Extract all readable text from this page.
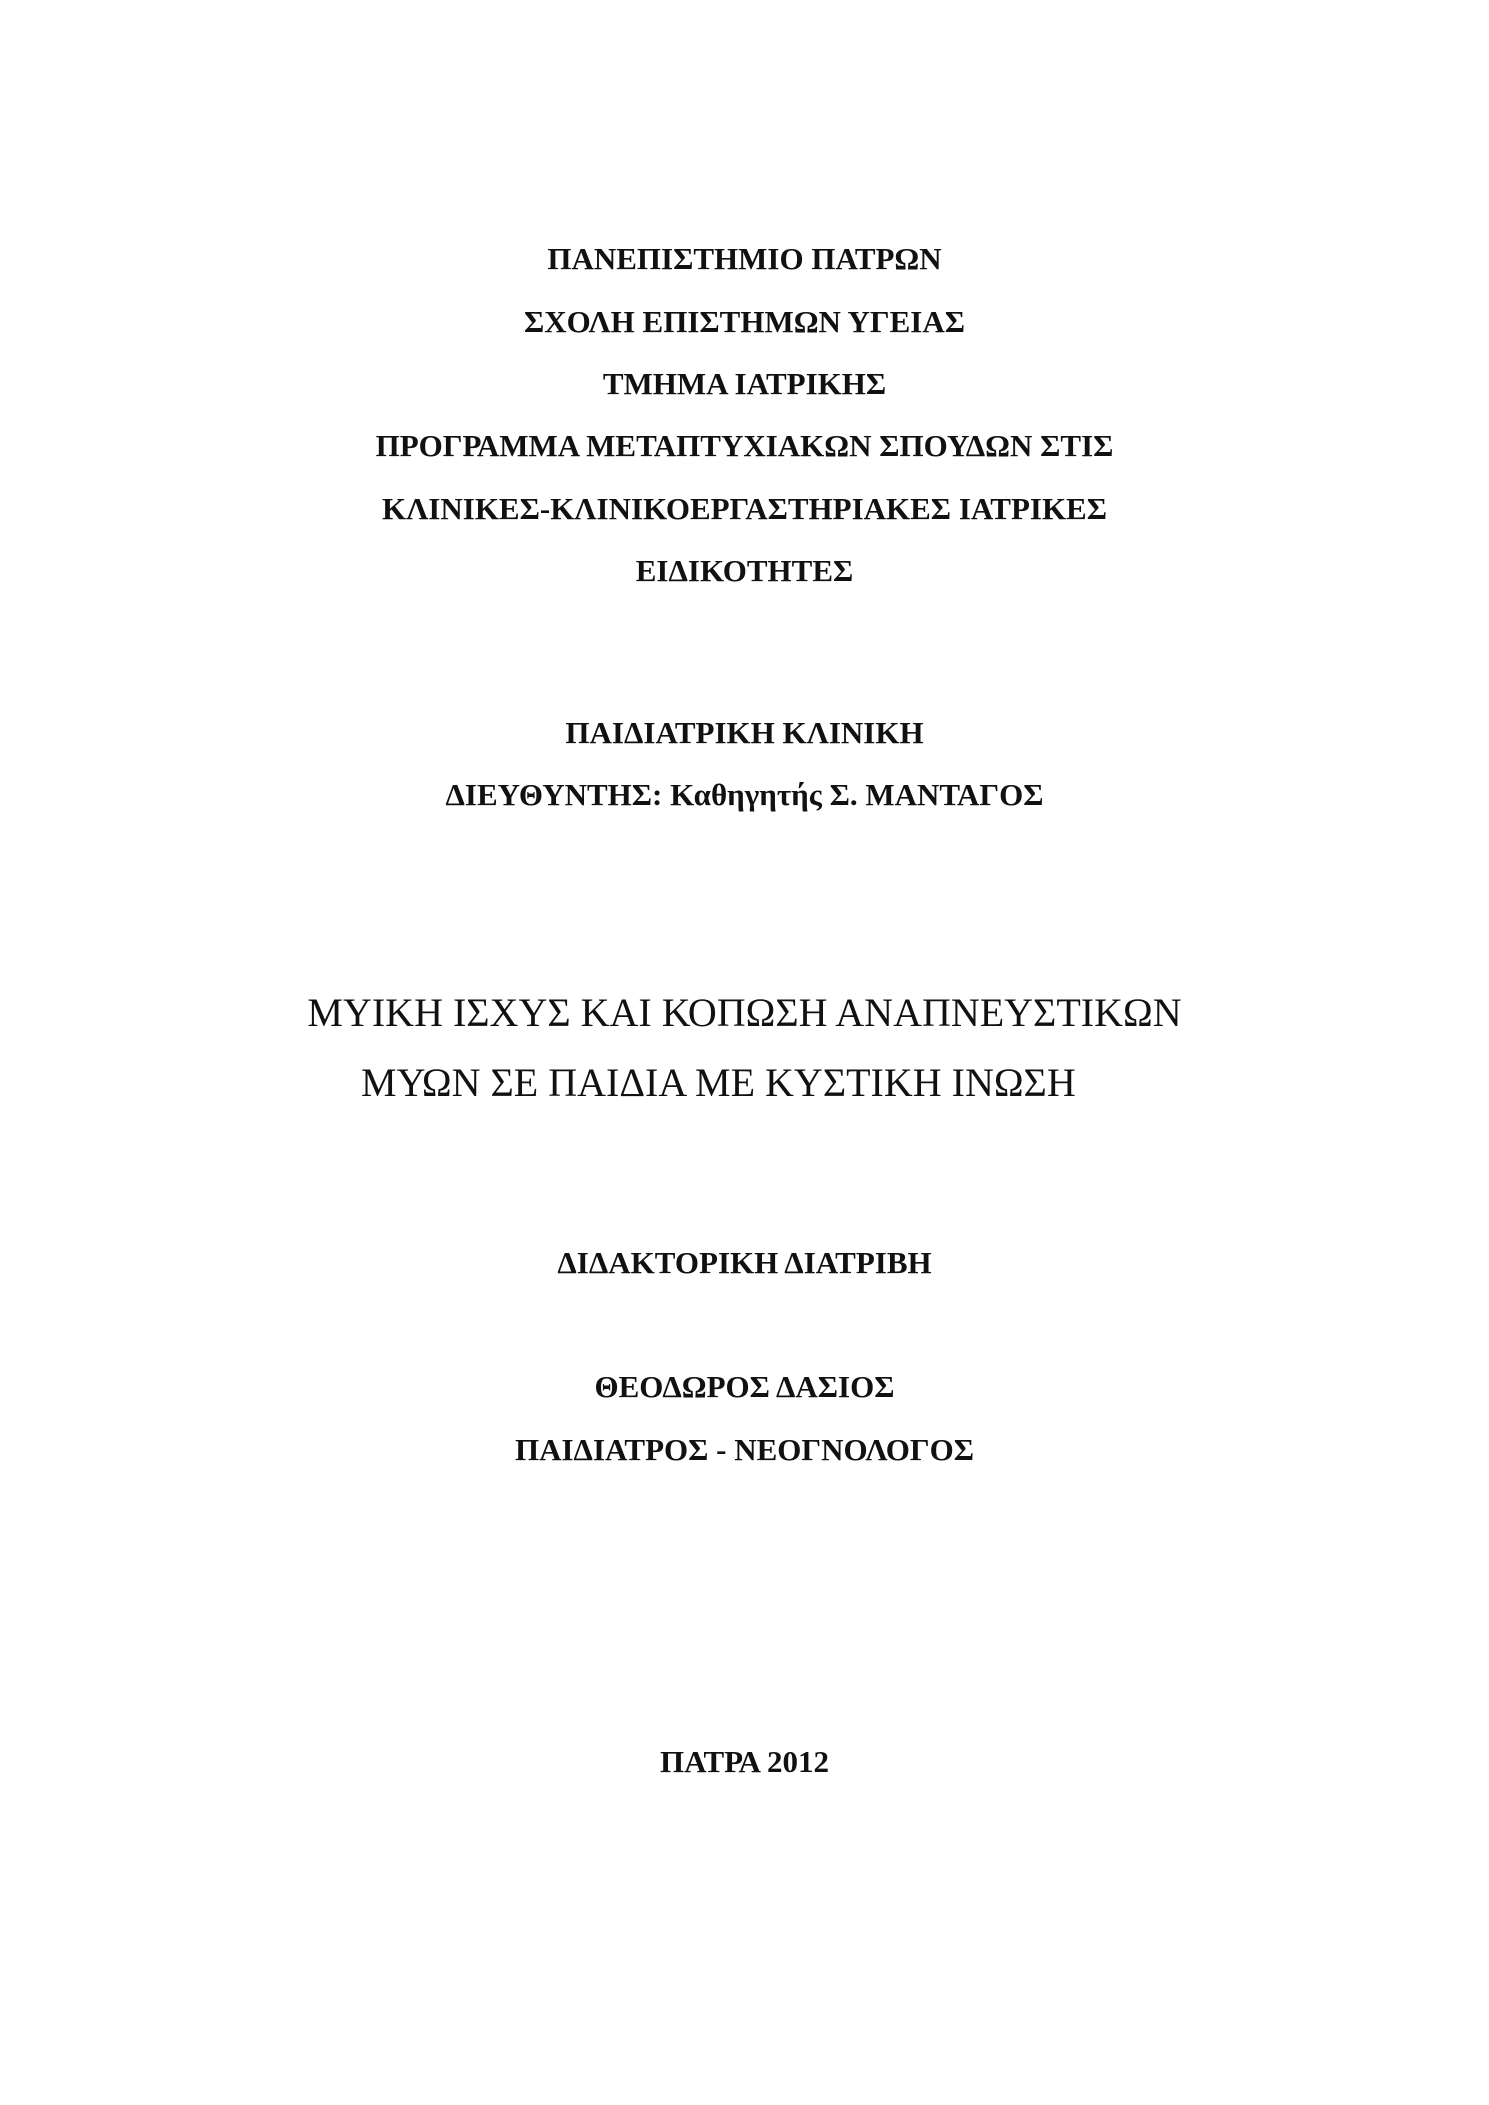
ΠΑΝΕΠΙΣΤΗΜΙΟ ΠΑΤΡΩΝ
ΣΧΟΛΗ ΕΠΙΣΤΗΜΩΝ ΥΓΕΙΑΣ
ΤΜΗΜΑ ΙΑΤΡΙΚΗΣ
ΠΡΟΓΡΑΜΜΑ ΜΕΤΑΠΤΥΧΙΑΚΩΝ ΣΠΟΥΔΩΝ ΣΤΙΣ
ΚΛΙΝΙΚΕΣ-ΚΛΙΝΙΚΟΕΡΓΑΣΤΗΡΙΑΚΕΣ ΙΑΤΡΙΚΕΣ
ΕΙΔΙΚΟΤΗΤΕΣ
ΠΑΙΔΙΑΤΡΙΚΗ ΚΛΙΝΙΚΗ
ΔΙΕΥΘΥΝΤΗΣ: Καθηγητής Σ. ΜΑΝΤΑΓΟΣ
ΜΥΙΚΗ ΙΣΧΥΣ ΚΑΙ ΚΟΠΩΣΗ ΑΝΑΠΝΕΥΣΤΙΚΩΝ
ΜΥΩΝ ΣΕ ΠΑΙΔΙΑ ΜΕ ΚΥΣΤΙΚΗ ΙΝΩΣΗ
ΔΙΔΑΚΤΟΡΙΚΗ ΔΙΑΤΡΙΒΗ
ΘΕΟΔΩΡΟΣ ΔΑΣΙΟΣ
ΠΑΙΔΙΑΤΡΟΣ - ΝΕΟΓΝΟΛΟΓΟΣ
ΠΑΤΡΑ 2012
